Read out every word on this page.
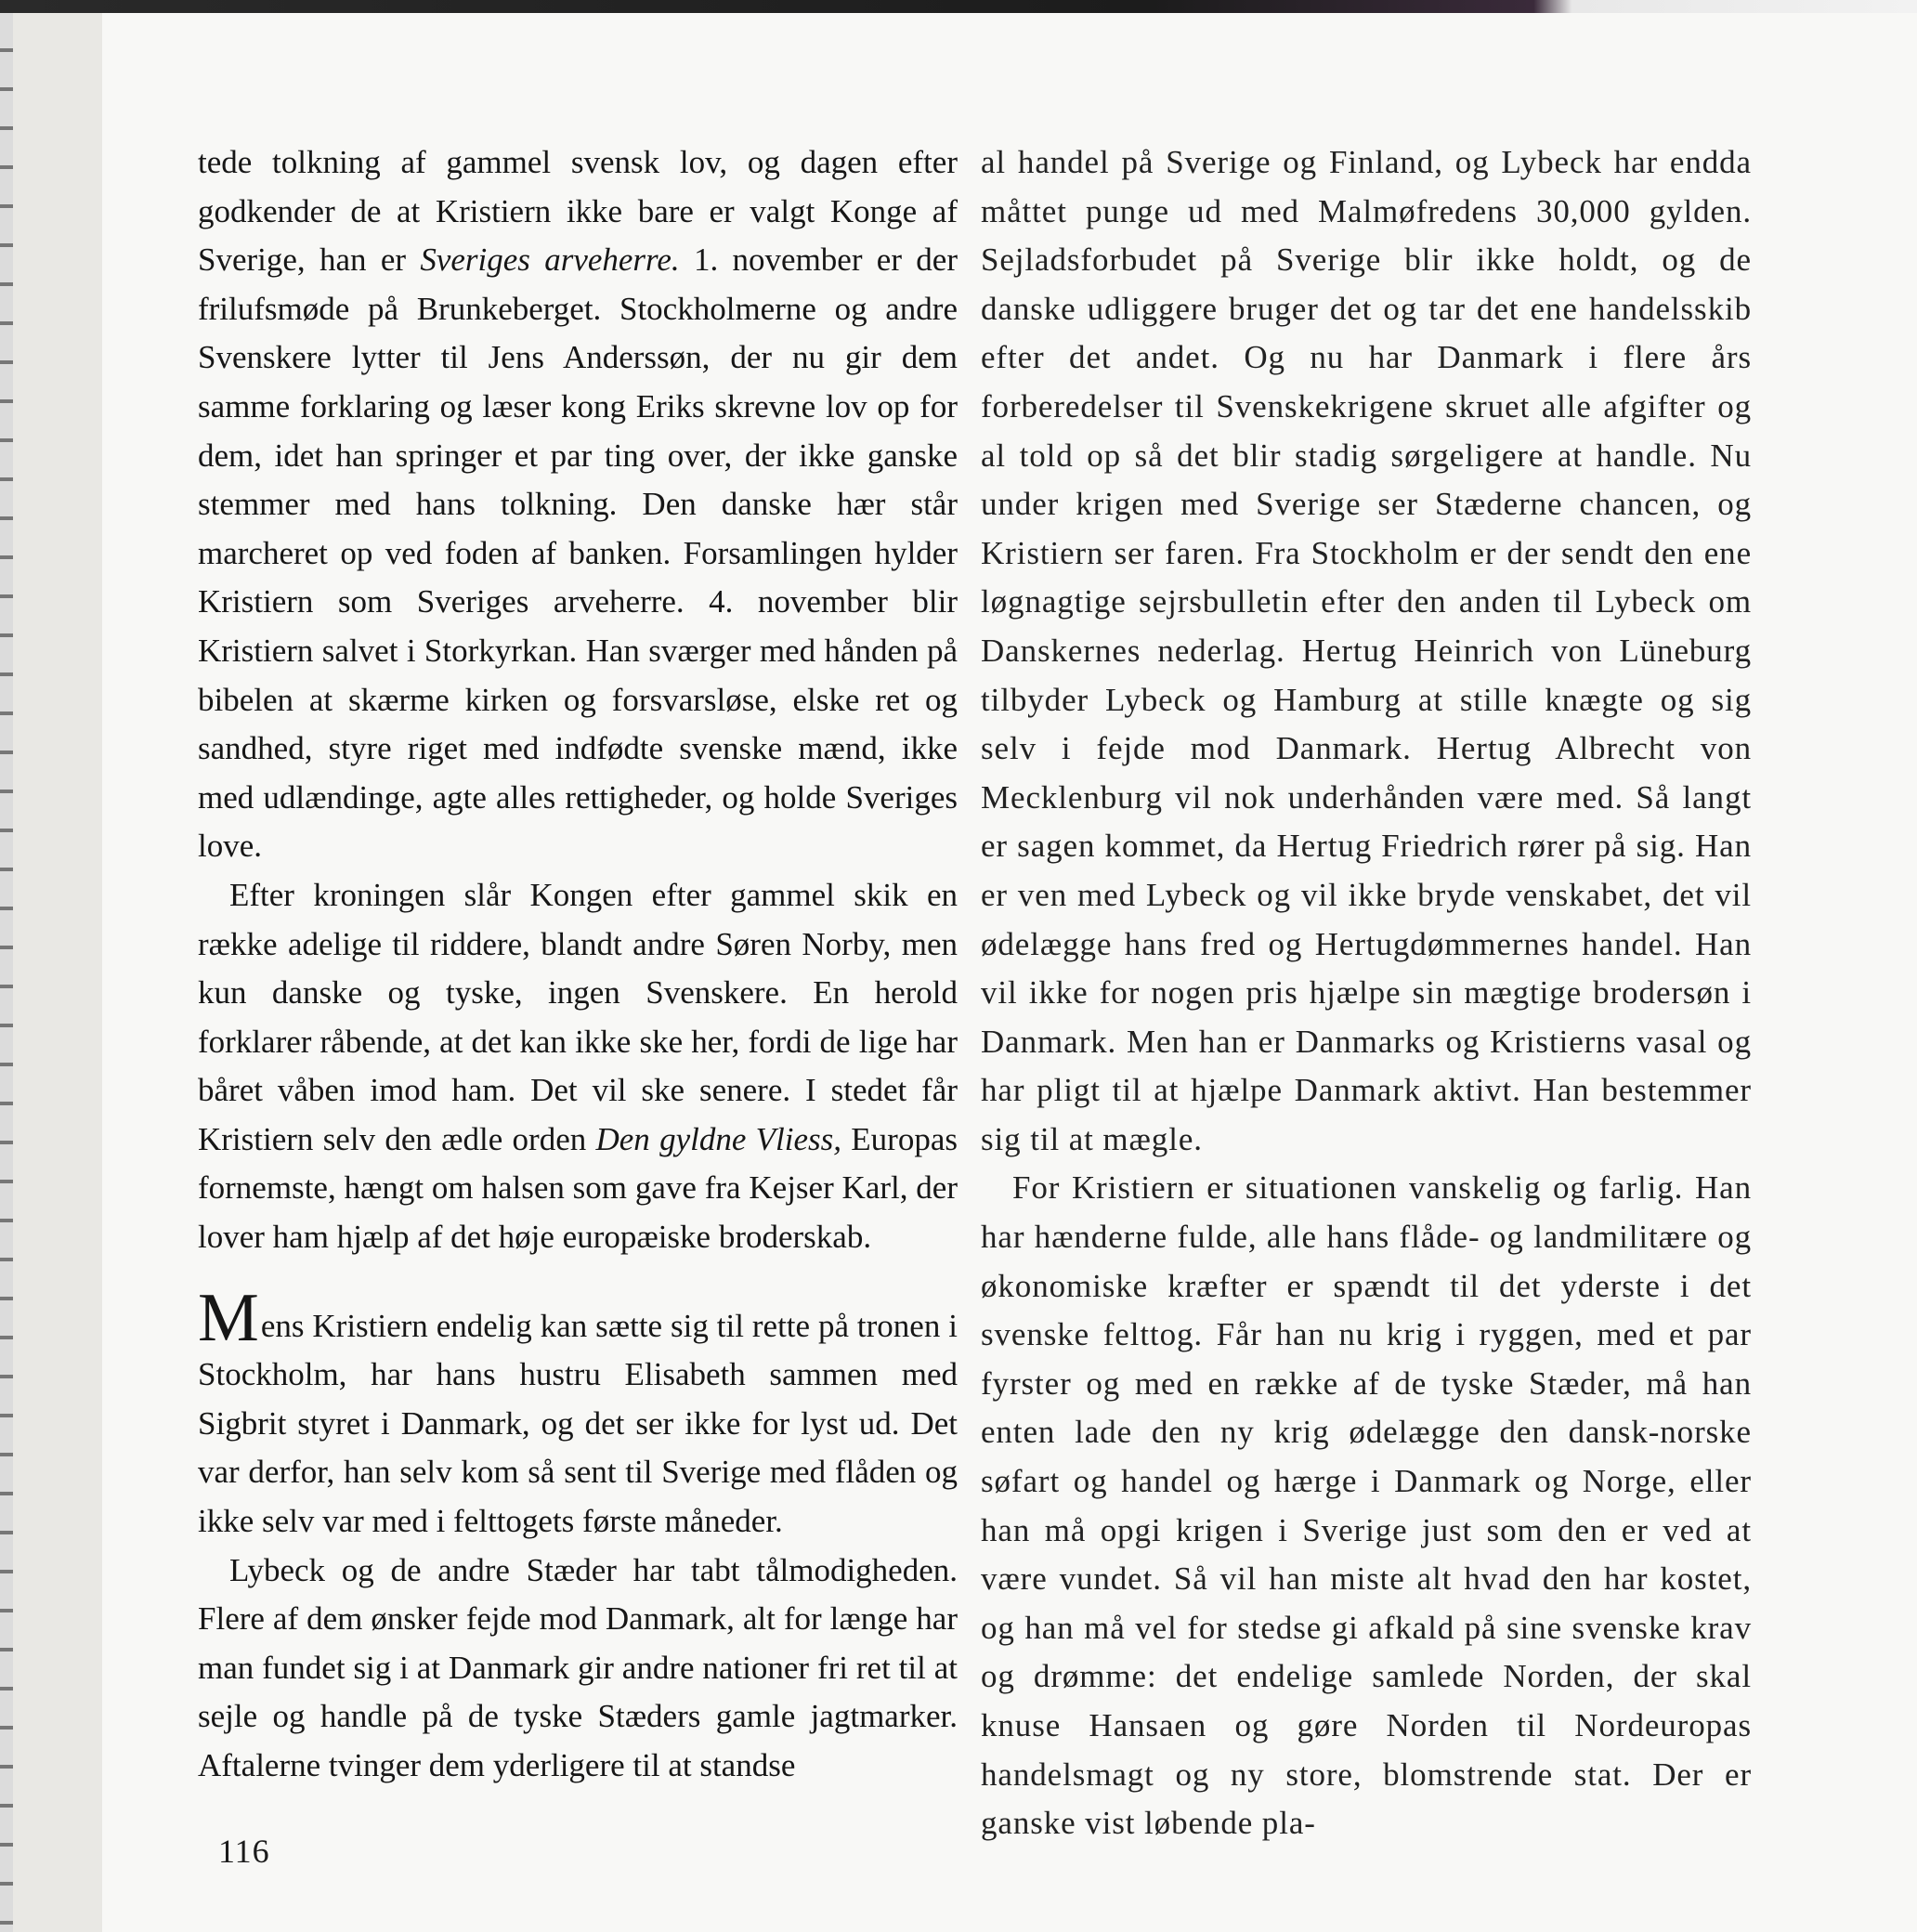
tede tolkning af gammel svensk lov, og dagen efter godkender de at Kristiern ikke bare er valgt Konge af Sverige, han er Sveriges arveherre. 1. november er der frilufsmøde på Brunkeberget. Stockholmerne og andre Svenskere lytter til Jens Anderssøn, der nu gir dem samme forklaring og læser kong Eriks skrevne lov op for dem, idet han springer et par ting over, der ikke ganske stemmer med hans tolkning. Den danske hær står marcheret op ved foden af banken. Forsamlingen hylder Kristiern som Sveriges arveherre. 4. november blir Kristiern salvet i Storkyrkan. Han sværger med hånden på bibelen at skærme kirken og forsvarsløse, elske ret og sandhed, styre riget med indfødte svenske mænd, ikke med udlændinge, agte alles rettigheder, og holde Sveriges love.

Efter kroningen slår Kongen efter gammel skik en række adelige til riddere, blandt andre Søren Norby, men kun danske og tyske, ingen Svenskere. En herold forklarer råbende, at det kan ikke ske her, fordi de lige har båret våben imod ham. Det vil ske senere. I stedet får Kristiern selv den ædle orden Den gyldne Vliess, Europas fornemste, hængt om halsen som gave fra Kejser Karl, der lover ham hjælp af det høje europæiske broderskab.

Mens Kristiern endelig kan sætte sig til rette på tronen i Stockholm, har hans hustru Elisabeth sammen med Sigbrit styret i Danmark, og det ser ikke for lyst ud. Det var derfor, han selv kom så sent til Sverige med flåden og ikke selv var med i felttogets første måneder.

Lybeck og de andre Stæder har tabt tålmodigheden. Flere af dem ønsker fejde mod Danmark, alt for længe har man fundet sig i at Danmark gir andre nationer fri ret til at sejle og handle på de tyske Stæders gamle jagtmarker. Aftalerne tvinger dem yderligere til at standse

al handel på Sverige og Finland, og Lybeck har endda måttet punge ud med Malmøfredens 30,000 gylden. Sejladsforbudet på Sverige blir ikke holdt, og de danske udliggere bruger det og tar det ene handelsskib efter det andet. Og nu har Danmark i flere års forberedelser til Svenskekrigene skruet alle afgifter og al told op så det blir stadig sørgeligere at handle. Nu under krigen med Sverige ser Stæderne chancen, og Kristiern ser faren. Fra Stockholm er der sendt den ene løgnagtige sejrsbulletin efter den anden til Lybeck om Danskernes nederlag. Hertug Heinrich von Lüneburg tilbyder Lybeck og Hamburg at stille knægte og sig selv i fejde mod Danmark. Hertug Albrecht von Mecklenburg vil nok underhånden være med. Så langt er sagen kommet, da Hertug Friedrich rører på sig. Han er ven med Lybeck og vil ikke bryde venskabet, det vil ødelægge hans fred og Hertugdømmernes handel. Han vil ikke for nogen pris hjælpe sin mægtige brodersøn i Danmark. Men han er Danmarks og Kristierns vasal og har pligt til at hjælpe Danmark aktivt. Han bestemmer sig til at mægle.

For Kristiern er situationen vanskelig og farlig. Han har hænderne fulde, alle hans flåde- og landmilitære og økonomiske kræfter er spændt til det yderste i det svenske felttog. Får han nu krig i ryggen, med et par fyrster og med en række af de tyske Stæder, må han enten lade den ny krig ødelægge den dansk-norske søfart og handel og hærge i Danmark og Norge, eller han må opgi krigen i Sverige just som den er ved at være vundet. Så vil han miste alt hvad den har kostet, og han må vel for stedse gi afkald på sine svenske krav og drømme: det endelige samlede Norden, der skal knuse Hansaen og gøre Norden til Nordeuropas handelsmagt og ny store, blomstrende stat. Der er ganske vist løbende pla-

116
